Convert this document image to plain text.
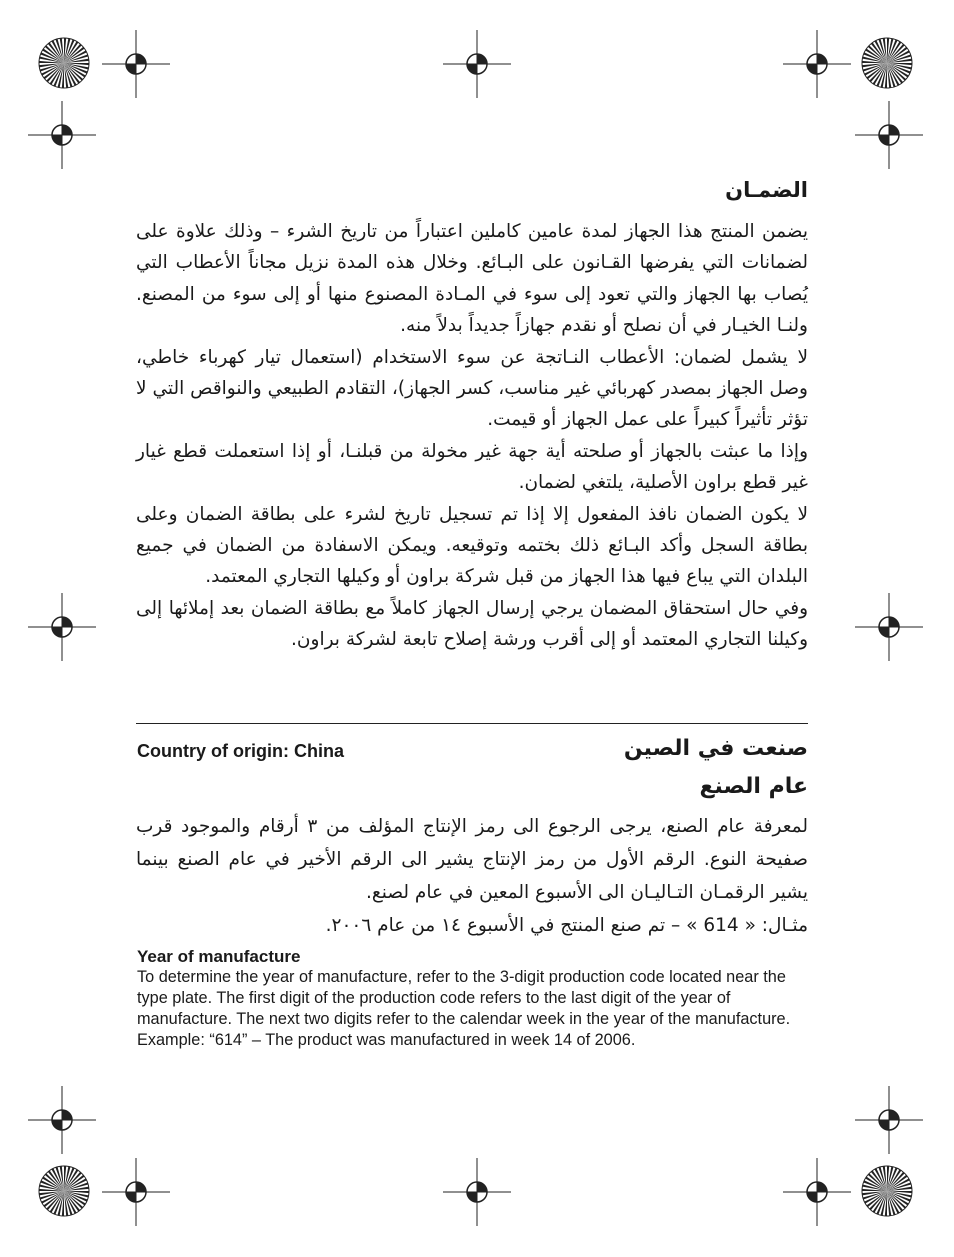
الضمـان

يضمن المنتج هذا الجهاز لمدة عامين كاملين اعتباراً من تاريخ الشرء – وذلك علاوة على لضمانات التي يفرضها القـانون على البـائع. وخلال هذه المدة نزيل مجاناً الأعطاب التي يُصاب بها الجهاز والتي تعود إلى سوء في المـادة المصنوع منها أو إلى سوء من المصنع. ولنـا الخيـار في أن نصلح أو نقدم جهازاً جديداً بدلاً منه.

لا يشمل لضمان: الأعطاب النـاتجة عن سوء الاستخدام (استعمال تيار كهرباء خاطي، وصل الجهاز بمصدر كهربائي غير مناسب، كسر الجهاز)، التقادم الطبيعي والنواقص التي لا تؤثر تأثيراً كبيراً على عمل الجهاز أو قيمت.

وإذا ما عبثت بالجهاز أو صلحته أية جهة غير مخولة من قبلنـا، أو إذا استعملت قطع غيار غير قطع براون الأصلية، يلتغي لضمان.

لا يكون الضمان نافذ المفعول إلا إذا تم تسجيل تاريخ لشرء على بطاقة الضمان وعلى بطاقة السجل وأكد البـائع ذلك بختمه وتوقيعه. ويمكن الاسفادة من الضمان في جميع البلدان التي يباع فيها هذا الجهاز من قبل شركة براون أو وكيلها التجاري المعتمد.

وفي حال استحقاق المضمان يرجي إرسال الجهاز كاملاً مع بطاقة الضمان بعد إملائها إلى وكيلنا التجاري المعتمد أو إلى أقرب ورشة إصلاح تابعة لشركة براون.

Country of origin: China	صنعت في الصين
عام الصنع

لمعرفة عام الصنع، يرجى الرجوع الى رمز الإنتاج المؤلف من ٣ أرقام والموجود قرب صفيحة النوع. الرقم الأول من رمز الإنتاج يشير الى الرقم الأخير في عام الصنع بينما يشير الرقمـان التـاليـان الى الأسبوع المعين في عام لصنع.

مثـال: « 614 » – تم صنع المنتج في الأسبوع ١٤ من عام ٢٠٠٦.

Year of manufacture

To determine the year of manufacture, refer to the 3-digit production code located near the type plate. The first digit of the production code refers to the last digit of the year of manufacture. The next two digits refer to the calendar week in the year of the manufacture.

Example: “614” – The product was manufactured in week 14 of 2006.
